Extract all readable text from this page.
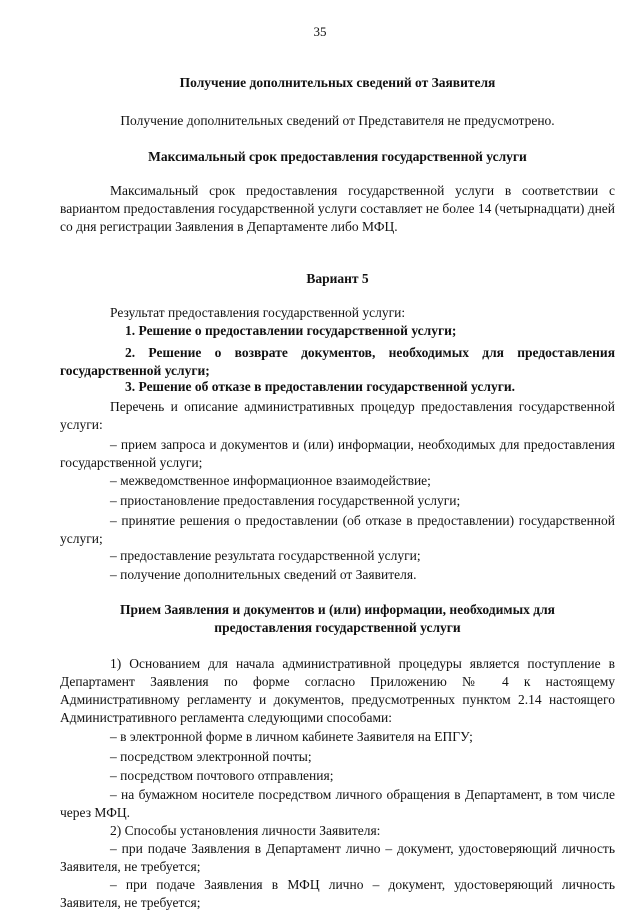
35
Получение дополнительных сведений от Заявителя
Получение дополнительных сведений от Представителя не предусмотрено.
Максимальный срок предоставления государственной услуги
Максимальный срок предоставления государственной услуги в соответствии с вариантом предоставления государственной услуги составляет не более 14 (четырнадцати) дней со дня регистрации Заявления в Департаменте либо МФЦ.
Вариант 5
Результат предоставления государственной услуги:
1. Решение о предоставлении государственной услуги;
2. Решение о возврате документов, необходимых для предоставления государственной услуги;
3. Решение об отказе в предоставлении государственной услуги.
Перечень и описание административных процедур предоставления государственной услуги:
– прием запроса и документов и (или) информации, необходимых для предоставления государственной услуги;
– межведомственное информационное взаимодействие;
– приостановление предоставления государственной услуги;
– принятие решения о предоставлении (об отказе в предоставлении) государственной услуги;
– предоставление результата государственной услуги;
– получение дополнительных сведений от Заявителя.
Прием Заявления и документов и (или) информации, необходимых для
предоставления государственной услуги
1) Основанием для начала административной процедуры является поступление в Департамент Заявления по форме согласно Приложению № 4 к настоящему Административному регламенту и документов, предусмотренных пунктом 2.14 настоящего Административного регламента следующими способами:
– в электронной форме в личном кабинете Заявителя на ЕПГУ;
– посредством электронной почты;
– посредством почтового отправления;
– на бумажном носителе посредством личного обращения в Департамент, в том числе через МФЦ.
2) Способы установления личности Заявителя:
– при подаче Заявления в Департамент лично – документ, удостоверяющий личность Заявителя, не требуется;
– при подаче Заявления в МФЦ лично – документ, удостоверяющий личность Заявителя, не требуется;
